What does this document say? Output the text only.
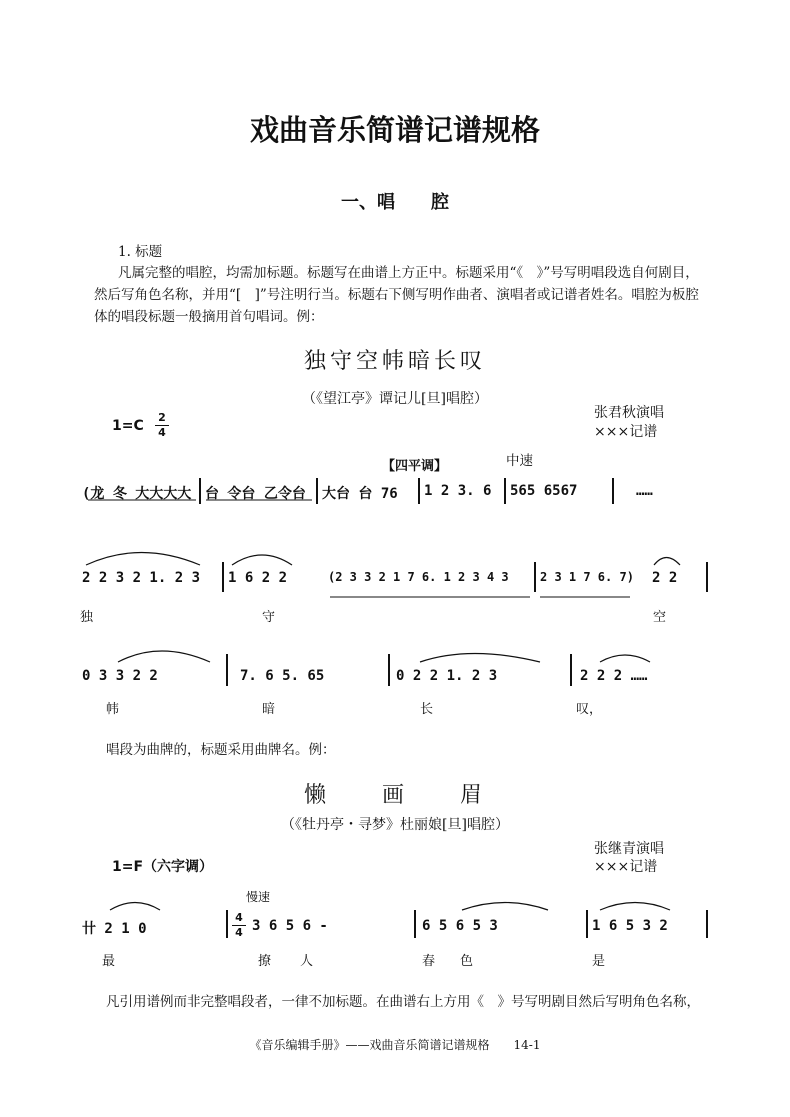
戏曲音乐简谱记谱规格
一、唱　　腔
1. 标题
凡属完整的唱腔，均需加标题。标题写在曲谱上方正中。标题采用“《　》”号写明唱段选自何剧目，
然后写角色名称，并用“[　]”号注明行当。标题右下侧写明作曲者、演唱者或记谱者姓名。唱腔为板腔
体的唱段标题一般摘用首句唱词。例：
独守空帏暗长叹
（《望江亭》谭记儿[旦]唱腔）
张君秋演唱
×××记谱
1=C
2
4
【四平调】	中速
(龙 冬 大大大大 台 令台 乙令台 大台 台 76 1 2 3. 6 565 6567	……
2 2 3 2 1. 2 3 1 6 2 2	(2 3 3 2 1 7 6. 1 2 3 4 3	2 3 1 7 6. 7) 2 2
独	守	空
0 3 3 2 2	7. 6 5. 65	0 2 2 1. 2 3	2 2 2 ……
帏	暗	长	叹，
唱段为曲牌的，标题采用曲牌名。例：
懒　　画　　眉
（《牡丹亭・寻梦》杜丽娘[旦]唱腔）
张继青演唱
×××记谱
1=F（六字调）
慢速
4
4
卄 2 1 0	3 6 5 6 -	6 5 6 5 3	1 6 5 3 2
最	撩 人	春 色	是
凡引用谱例而非完整唱段者，一律不加标题。在曲谱右上方用《　》号写明剧目然后写明角色名称，
《音乐编辑手册》——戏曲音乐简谱记谱规格　　14-1
